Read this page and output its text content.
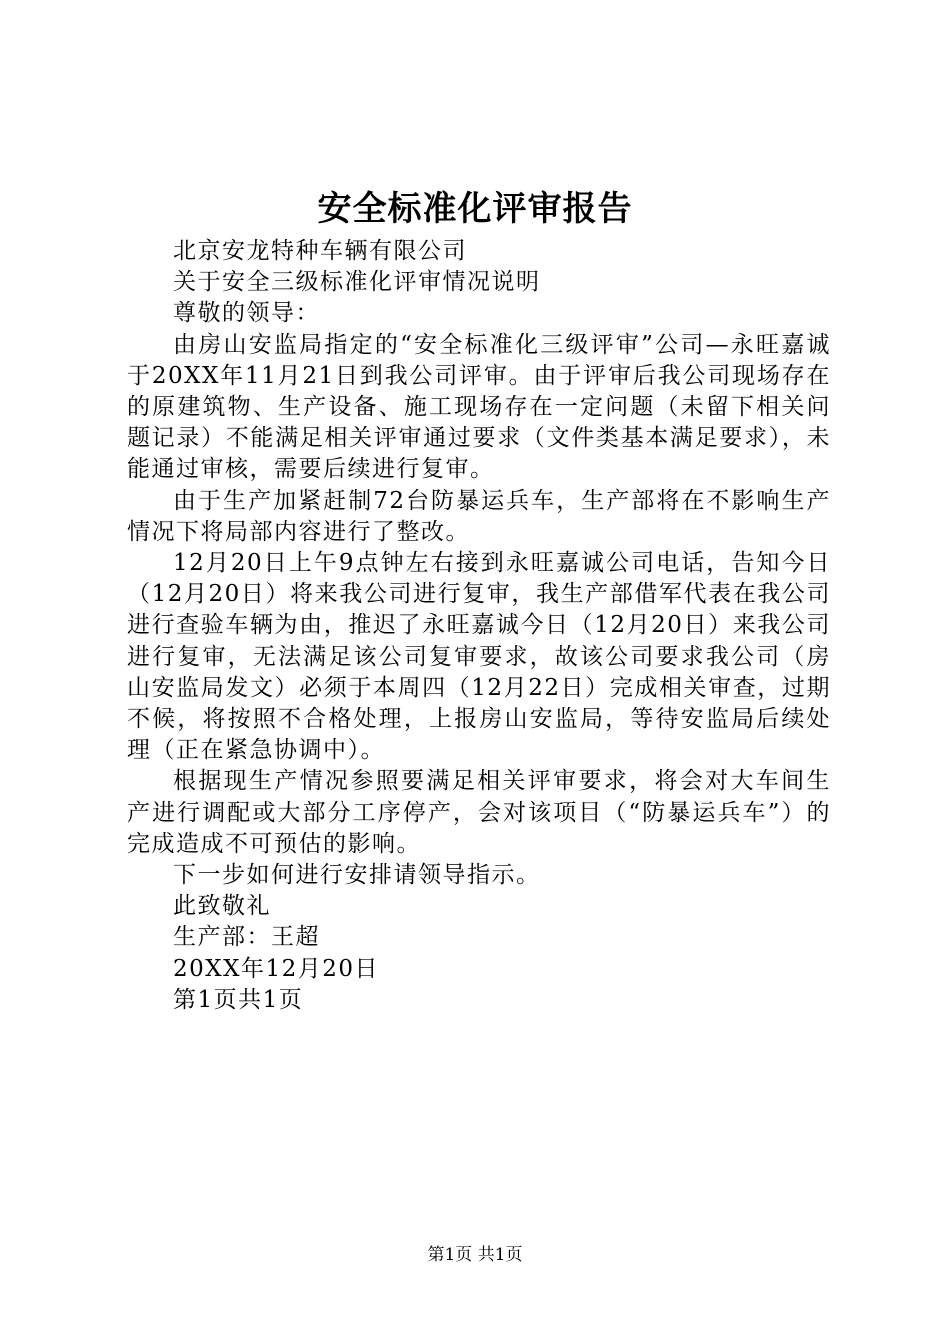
安全标准化评审报告

北京安龙特种车辆有限公司

关于安全三级标准化评审情况说明

尊敬的领导：

由房山安监局指定的“安全标准化三级评审”公司—永旺嘉诚于20XX年11月21日到我公司评审。由于评审后我公司现场存在的原建筑物、生产设备、施工现场存在一定问题（未留下相关问题记录）不能满足相关评审通过要求（文件类基本满足要求），未能通过审核，需要后续进行复审。

由于生产加紧赶制72台防暴运兵车，生产部将在不影响生产情况下将局部内容进行了整改。

12月20日上午9点钟左右接到永旺嘉诚公司电话，告知今日（12月20日）将来我公司进行复审，我生产部借军代表在我公司进行查验车辆为由，推迟了永旺嘉诚今日（12月20日）来我公司进行复审，无法满足该公司复审要求，故该公司要求我公司（房山安监局发文）必须于本周四（12月22日）完成相关审查，过期不候，将按照不合格处理，上报房山安监局，等待安监局后续处理（正在紧急协调中）。

根据现生产情况参照要满足相关评审要求，将会对大车间生产进行调配或大部分工序停产，会对该项目（“防暴运兵车”）的完成造成不可预估的影响。

下一步如何进行安排请领导指示。

此致敬礼

生产部：王超

20XX年12月20日

第1页共1页

第1页 共1页
